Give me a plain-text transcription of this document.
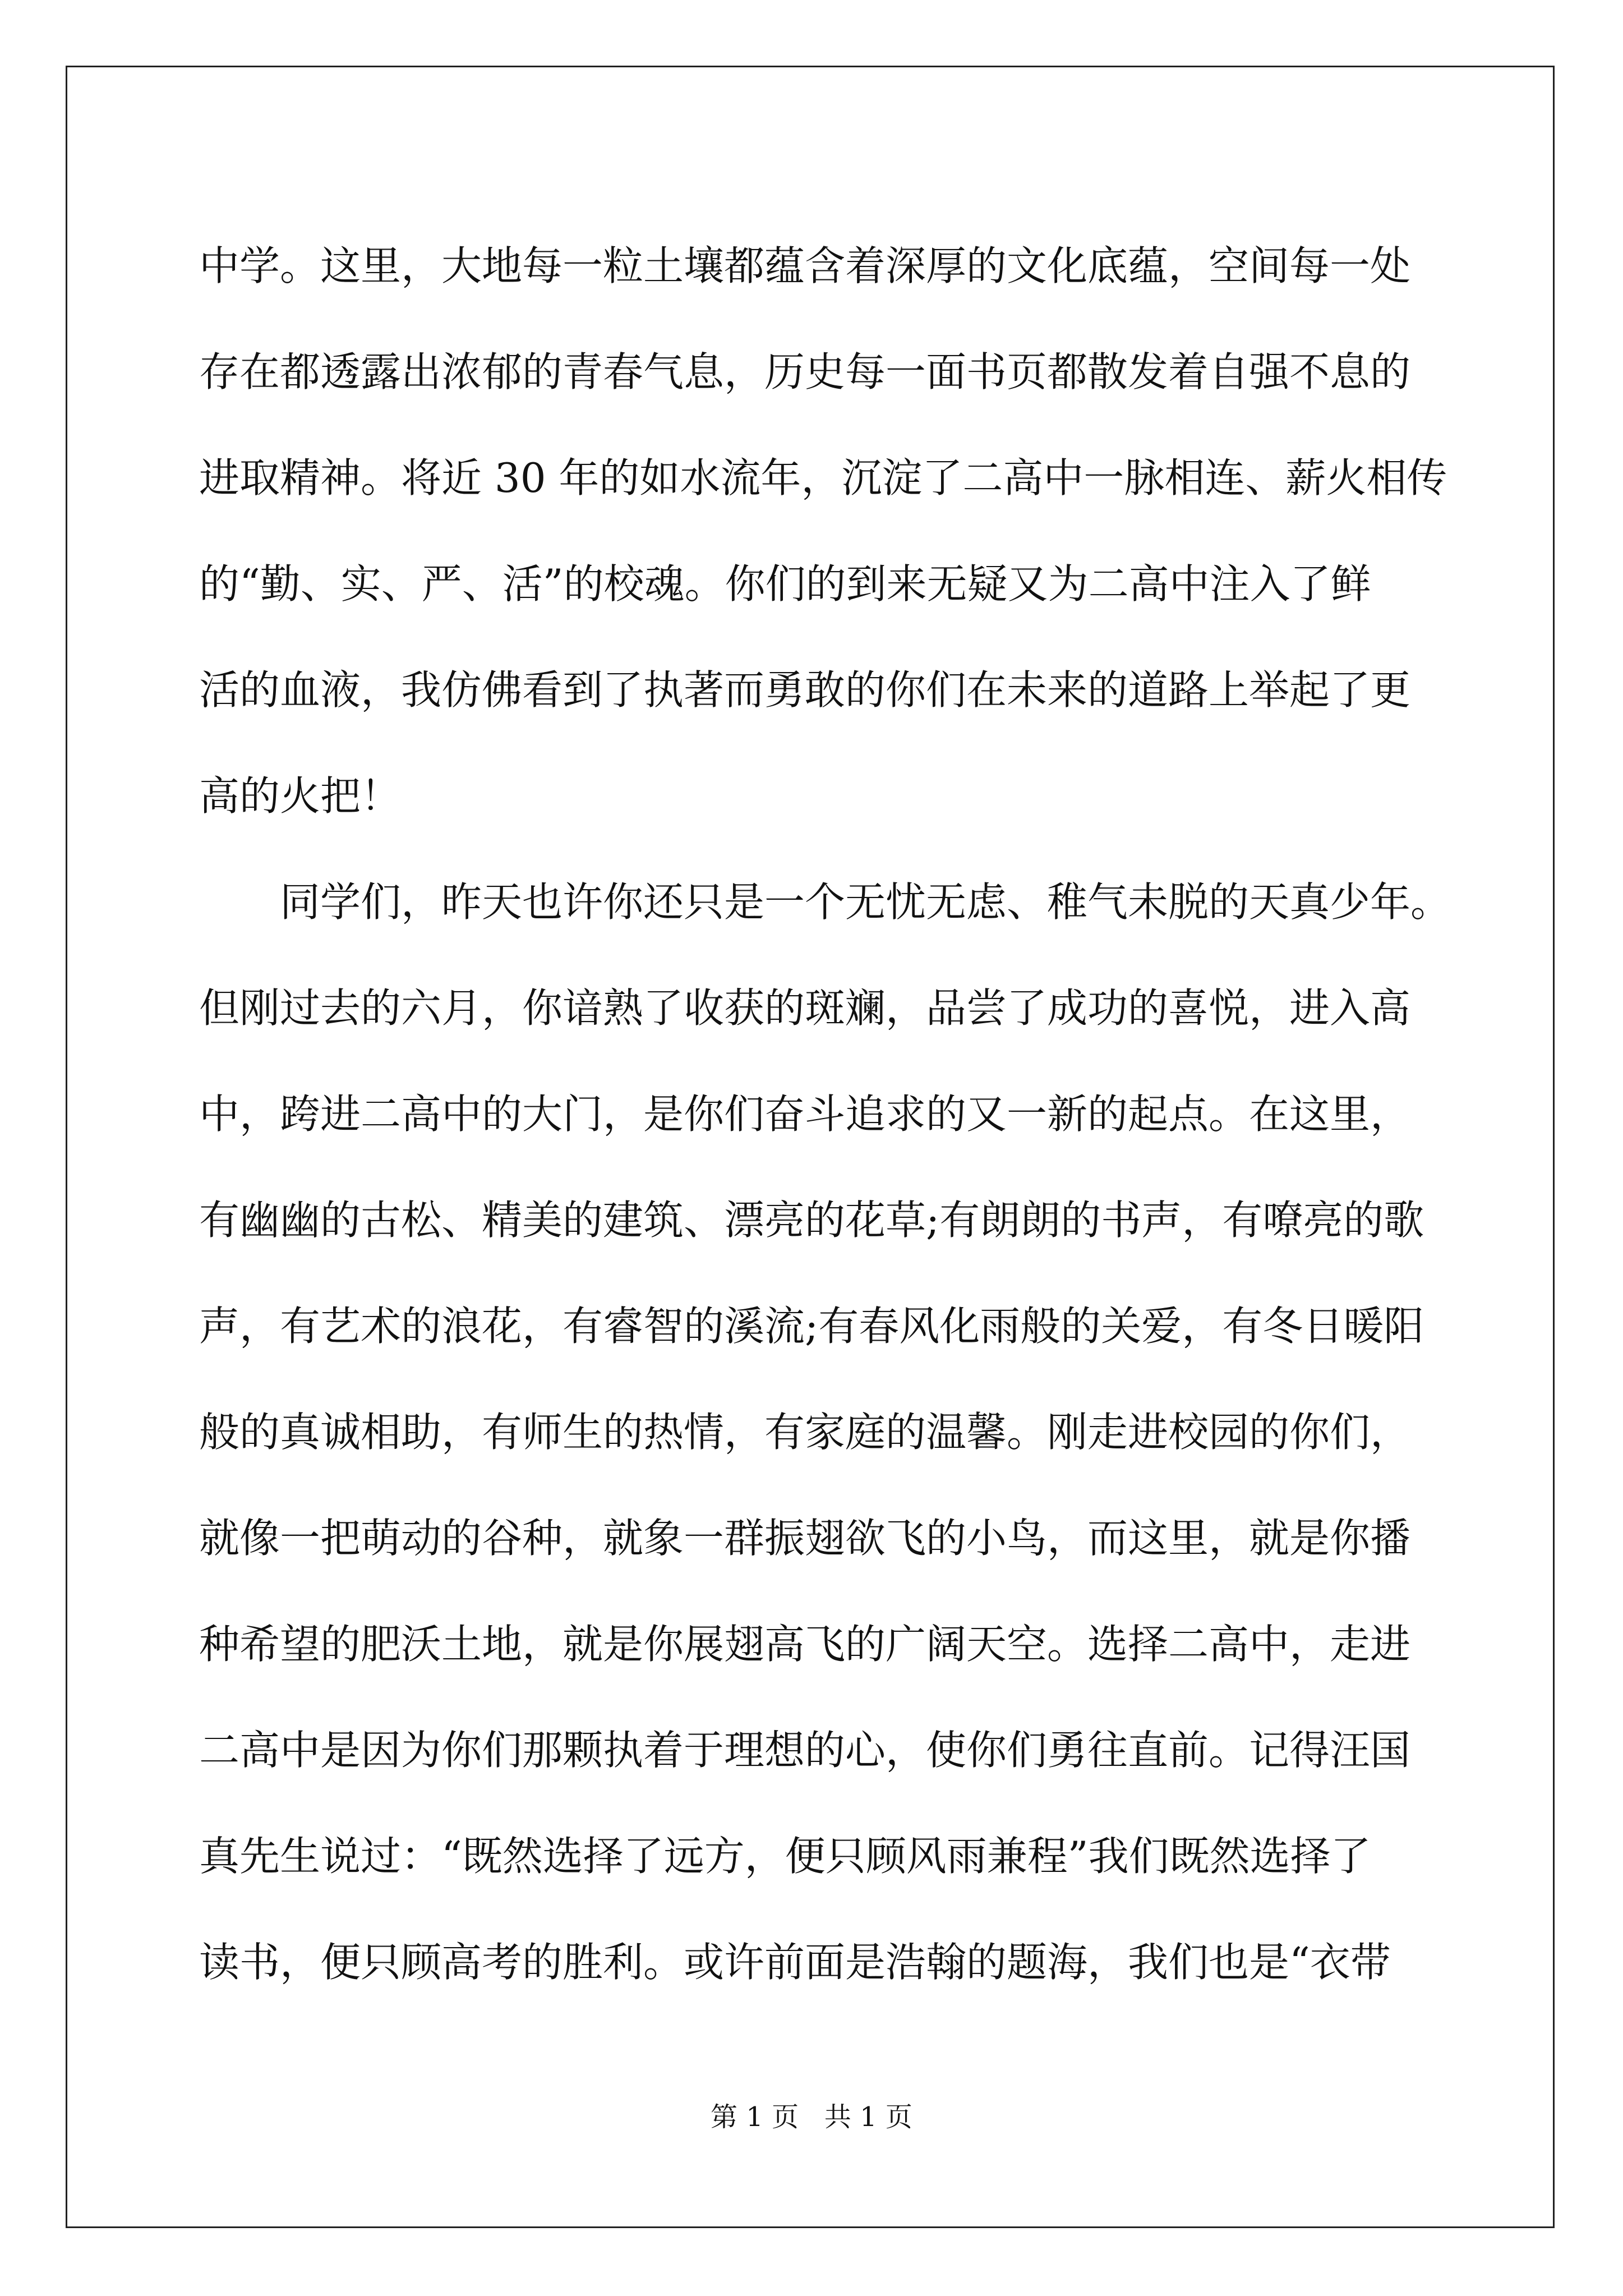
中学。这里，大地每一粒土壤都蕴含着深厚的文化底蕴，空间每一处
存在都透露出浓郁的青春气息，历史每一面书页都散发着自强不息的
进取精神。将近 30 年的如水流年，沉淀了二高中一脉相连、薪火相传
的“勤、实、严、活”的校魂。你们的到来无疑又为二高中注入了鲜
活的血液，我仿佛看到了执著而勇敢的你们在未来的道路上举起了更
高的火把！
同学们，昨天也许你还只是一个无忧无虑、稚气未脱的天真少年。
但刚过去的六月，你谙熟了收获的斑斓，品尝了成功的喜悦，进入高
中，跨进二高中的大门，是你们奋斗追求的又一新的起点。在这里，
有幽幽的古松、精美的建筑、漂亮的花草;有朗朗的书声，有嘹亮的歌
声，有艺术的浪花，有睿智的溪流;有春风化雨般的关爱，有冬日暖阳
般的真诚相助，有师生的热情，有家庭的温馨。刚走进校园的你们，
就像一把萌动的谷种，就象一群振翅欲飞的小鸟，而这里，就是你播
种希望的肥沃土地，就是你展翅高飞的广阔天空。选择二高中，走进
二高中是因为你们那颗执着于理想的心，使你们勇往直前。记得汪国
真先生说过：“既然选择了远方，便只顾风雨兼程”我们既然选择了
读书，便只顾高考的胜利。或许前面是浩翰的题海，我们也是“衣带
第 1 页   共 1 页
